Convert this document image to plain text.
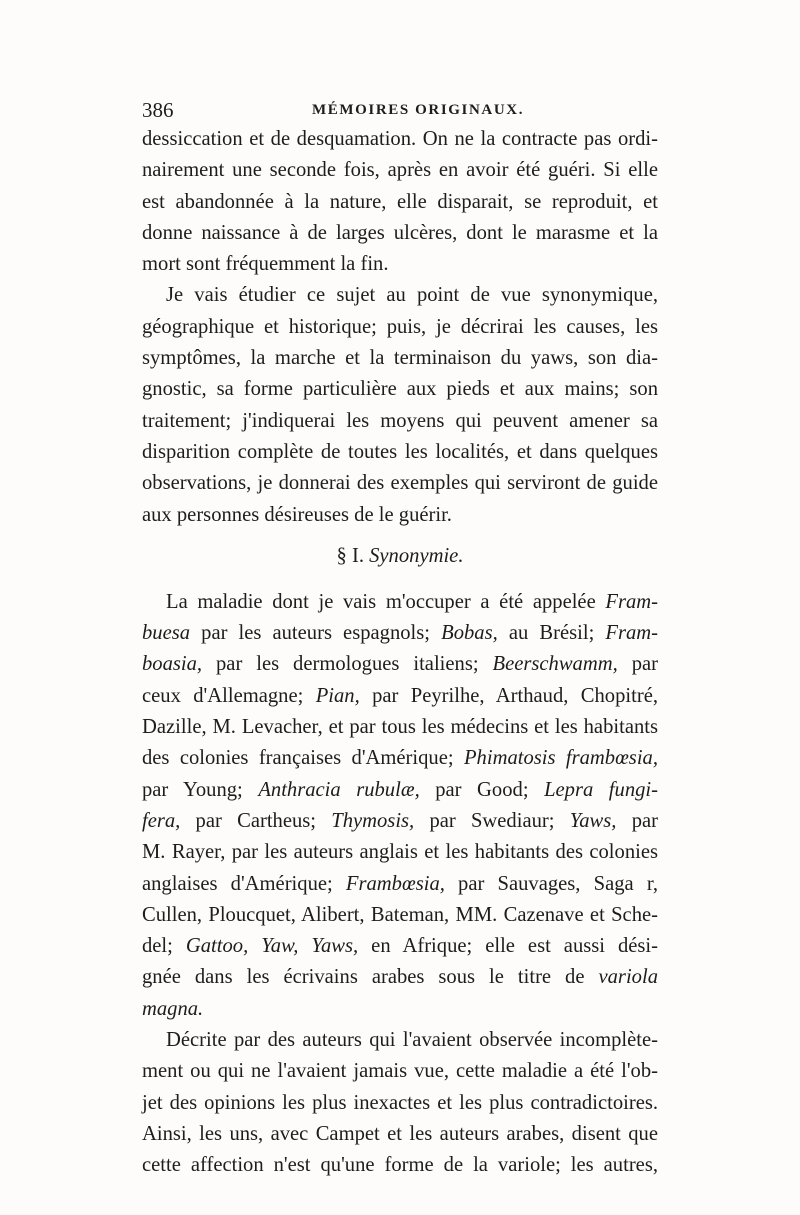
386	MÉMOIRES ORIGINAUX.
dessiccation et de desquamation. On ne la contracte pas ordi-
nairement une seconde fois, après en avoir été guéri. Si elle
est abandonnée à la nature, elle disparait, se reproduit, et
donne naissance à de larges ulcères, dont le marasme et la
mort sont fréquemment la fin.
Je vais étudier ce sujet au point de vue synonymique,
géographique et historique; puis, je décrirai les causes, les
symptômes, la marche et la terminaison du yaws, son dia-
gnostic, sa forme particulière aux pieds et aux mains; son
traitement; j'indiquerai les moyens qui peuvent amener sa
disparition complète de toutes les localités, et dans quelques
observations, je donnerai des exemples qui serviront de guide
aux personnes désireuses de le guérir.
§ I. Synonymie.
La maladie dont je vais m'occuper a été appelée Fram-
buesa par les auteurs espagnols; Bobas, au Brésil; Fram-
boasia, par les dermologues italiens; Beerschwamm, par
ceux d'Allemagne; Pian, par Peyrilhe, Arthaud, Chopitré,
Dazille, M. Levacher, et par tous les médecins et les habitants
des colonies françaises d'Amérique; Phimatosis frambœsia,
par Young; Anthracia rubulæ, par Good; Lepra fungi-
fera, par Cartheus; Thymosis, par Swediaur; Yaws, par
M. Rayer, par les auteurs anglais et les habitants des colonies
anglaises d'Amérique; Frambœsia, par Sauvages, Saga r,
Cullen, Ploucquet, Alibert, Bateman, MM. Cazenave et Sche-
del; Gattoo, Yaw, Yaws, en Afrique; elle est aussi dési-
gnée dans les écrivains arabes sous le titre de variola
magna.
Décrite par des auteurs qui l'avaient observée incomplète-
ment ou qui ne l'avaient jamais vue, cette maladie a été l'ob-
jet des opinions les plus inexactes et les plus contradictoires.
Ainsi, les uns, avec Campet et les auteurs arabes, disent que
cette affection n'est qu'une forme de la variole; les autres,
